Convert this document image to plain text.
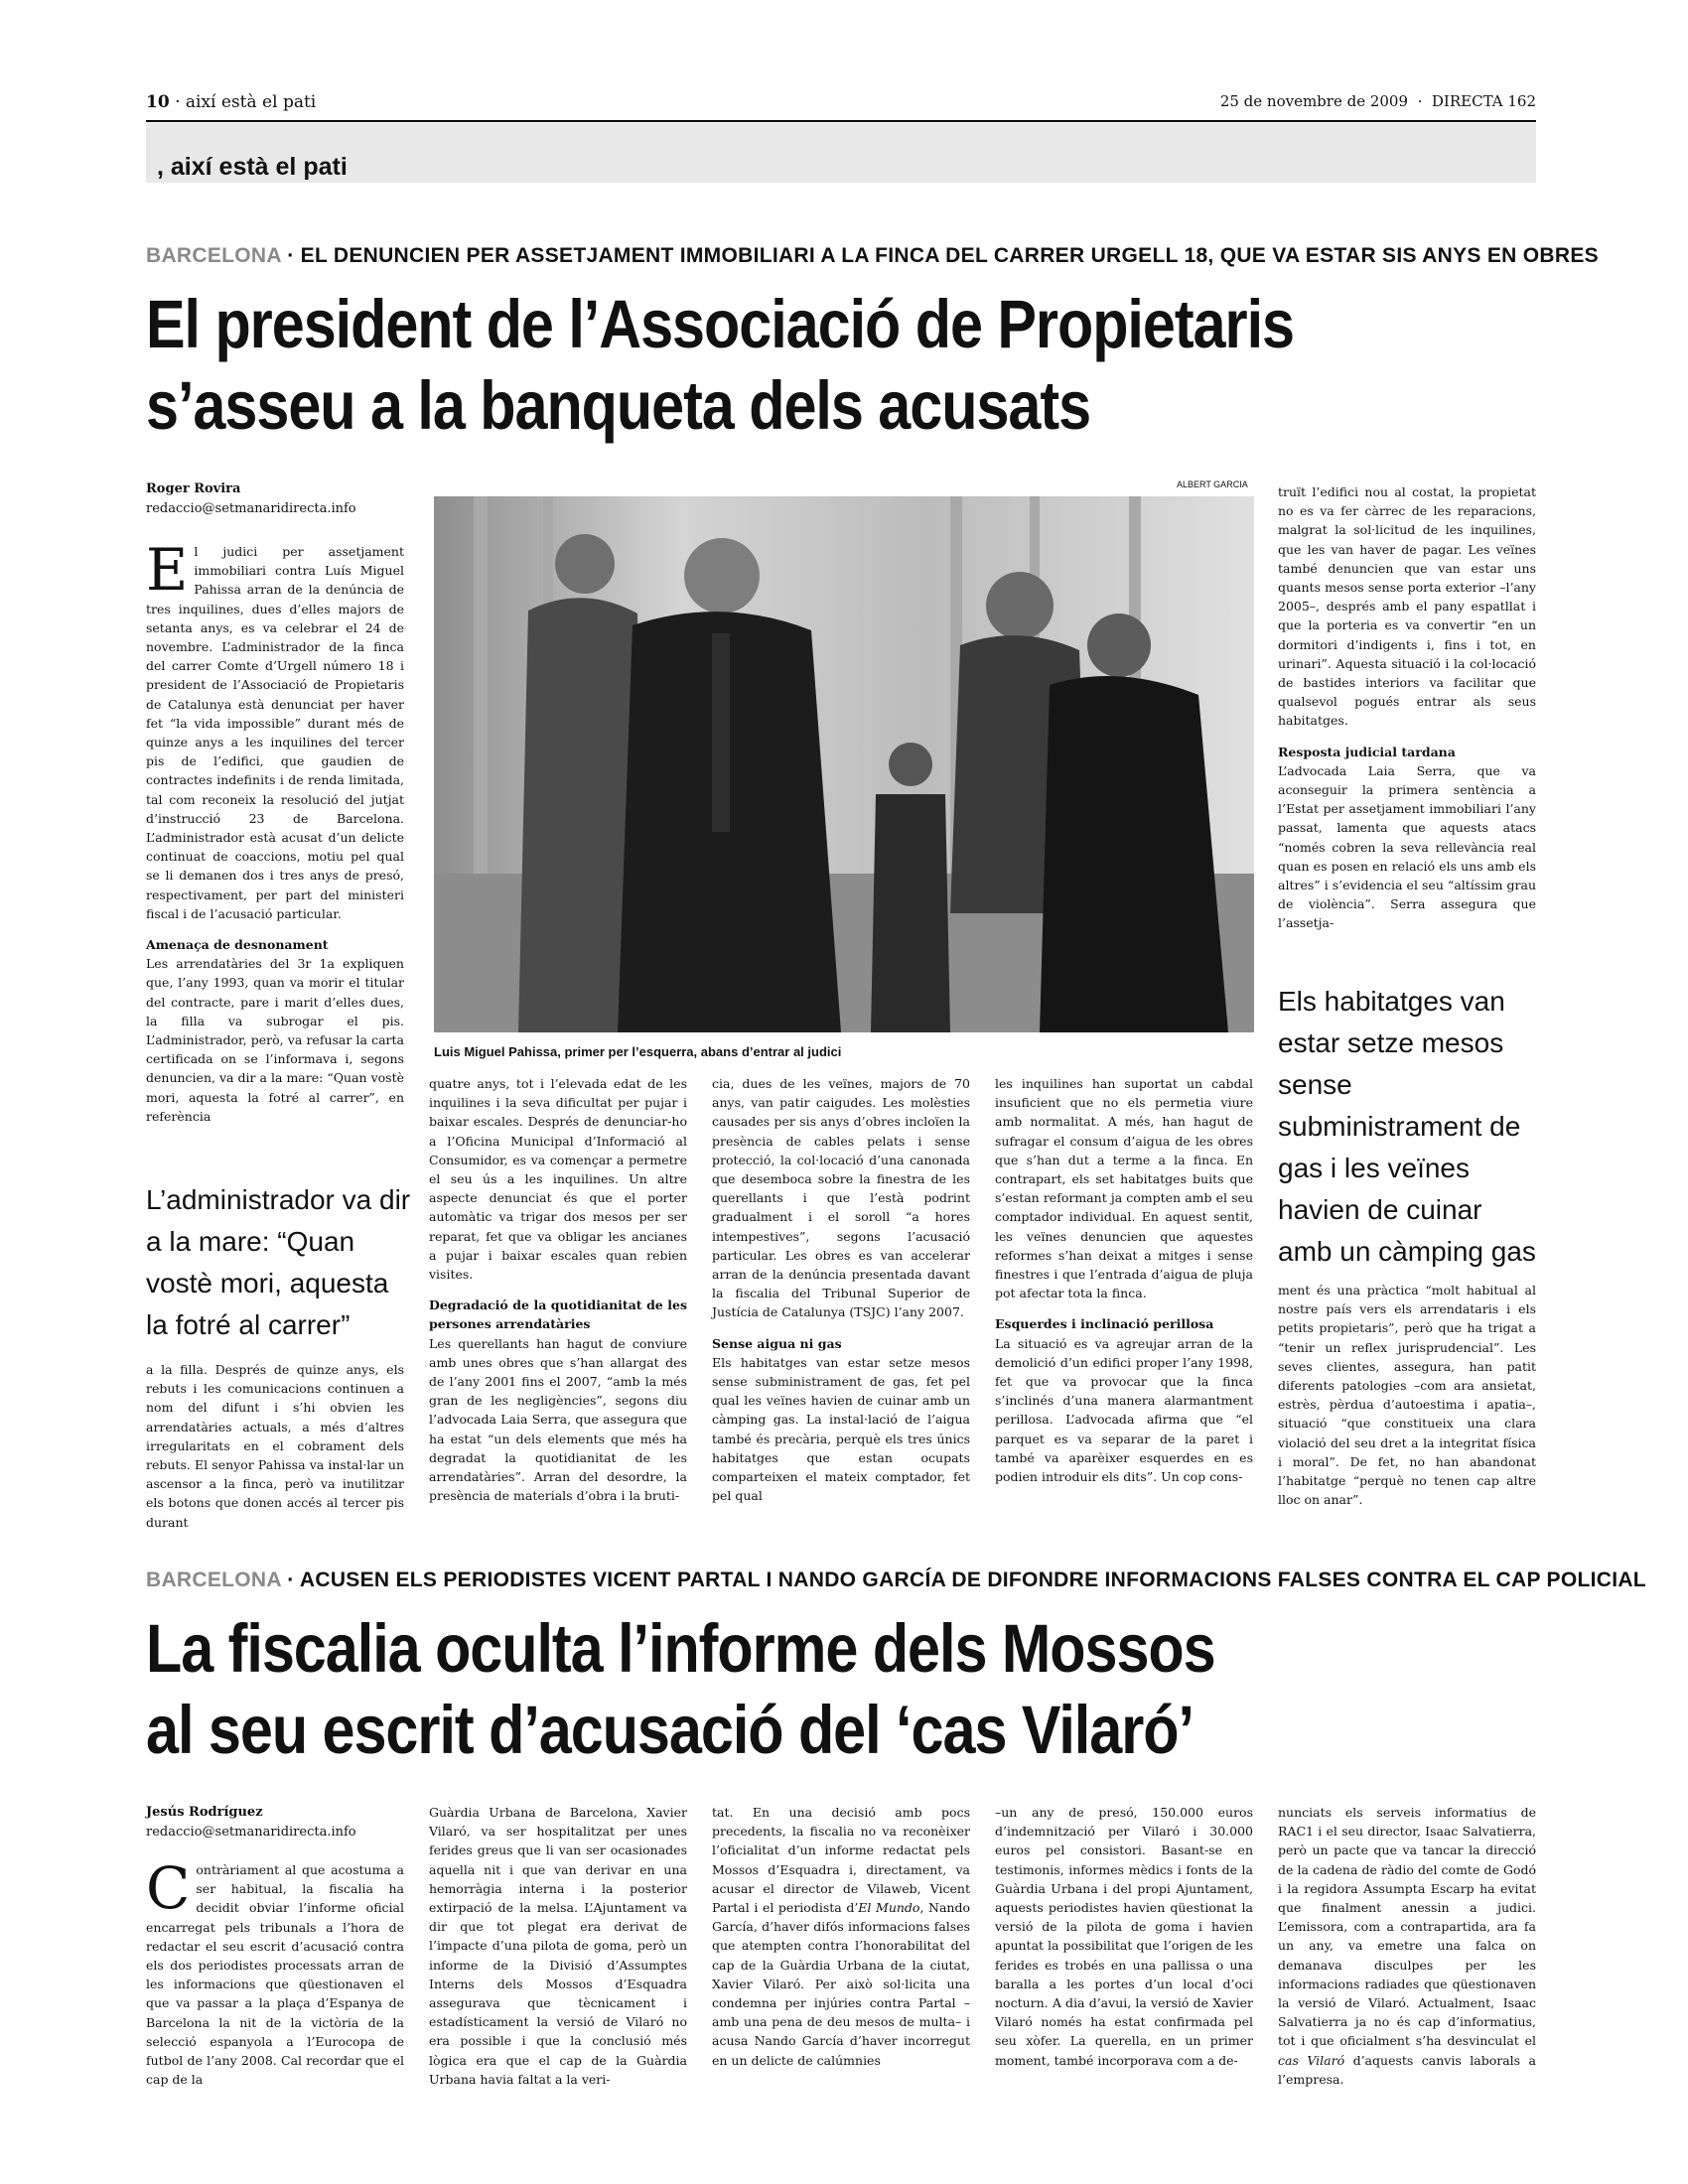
10 · així està el pati	25 de novembre de 2009 · DIRECTA 162
, així està el pati
BARCELONA · EL DENUNCIEN PER ASSETJAMENT IMMOBILIARI A LA FINCA DEL CARRER URGELL 18, QUE VA ESTAR SIS ANYS EN OBRES
El president de l’Associació de Propietaris
s’asseu a la banqueta dels acusats
Roger Rovira
redaccio@setmanaridirecta.info

El judici per assetjament immobiliari contra Luís Miguel Pahissa arran de la denúncia de tres inquilines, dues d’elles majors de setanta anys, es va celebrar el 24 de novembre. L’administrador de la finca del carrer Comte d’Urgell número 18 i president de l’Associació de Propietaris de Catalunya està denunciat per haver fet “la vida impossible” durant més de quinze anys a les inquilines del tercer pis de l’edifici, que gaudien de contractes indefinits i de renda limitada, tal com reconeix la resolució del jutjat d’instrucció 23 de Barcelona. L’administrador està acusat d’un delicte continuat de coaccions, motiu pel qual se li demanen dos i tres anys de presó, respectivament, per part del ministeri fiscal i de l’acusació particular.

Amenaça de desnonament

Les arrendatàries del 3r 1a expliquen que, l’any 1993, quan va morir el titular del contracte, pare i marit d’elles dues, la filla va subrogar el pis. L’administrador, però, va refusar la carta certificada on se l’informava i, segons denuncien, va dir a la mare: “Quan vostè mori, aquesta la fotré al carrer”, en referència

L’administrador va dir a la mare: “Quan vostè mori, aquesta la fotré al carrer”

a la filla. Després de quinze anys, els rebuts i les comunicacions continuen a nom del difunt i s’hi obvien les arrendatàries actuals, a més d’altres irregularitats en el cobrament dels rebuts. El senyor Pahissa va instal·lar un ascensor a la finca, però va inutilitzar els botons que donen accés al tercer pis durant

ALBERT GARCIA
Luis Miguel Pahissa, primer per l’esquerra, abans d’entrar al judici

quatre anys, tot i l’elevada edat de les inquilines i la seva dificultat per pujar i baixar escales. Després de denunciar-ho a l’Oficina Municipal d’Informació al Consumidor, es va començar a permetre el seu ús a les inquilines. Un altre aspecte denunciat és que el porter automàtic va trigar dos mesos per ser reparat, fet que va obligar les ancianes a pujar i baixar escales quan rebien visites.

Degradació de la quotidianitat de les persones arrendatàries

Les querellants han hagut de conviure amb unes obres que s’han allargat des de l’any 2001 fins el 2007, “amb la més gran de les negligències”, segons diu l’advocada Laia Serra, que assegura que ha estat “un dels elements que més ha degradat la quotidianitat de les arrendatàries”. Arran del desordre, la presència de materials d’obra i la bruti-

cia, dues de les veïnes, majors de 70 anys, van patir caigudes. Les molèsties causades per sis anys d’obres incloïen la presència de cables pelats i sense protecció, la col·locació d’una canonada que desemboca sobre la finestra de les querellants i que l’està podrint gradualment i el soroll “a hores intempestives”, segons l’acusació particular. Les obres es van accelerar arran de la denúncia presentada davant la fiscalia del Tribunal Superior de Justícia de Catalunya (TSJC) l’any 2007.

Sense aigua ni gas

Els habitatges van estar setze mesos sense subministrament de gas, fet pel qual les veïnes havien de cuinar amb un càmping gas. La instal·lació de l’aigua també és precària, perquè els tres únics habitatges que estan ocupats comparteixen el mateix comptador, fet pel qual

les inquilines han suportat un cabdal insuficient que no els permetia viure amb normalitat. A més, han hagut de sufragar el consum d’aigua de les obres que s’han dut a terme a la finca. En contrapart, els set habitatges buits que s’estan reformant ja compten amb el seu comptador individual. En aquest sentit, les veïnes denuncien que aquestes reformes s’han deixat a mitges i sense finestres i que l’entrada d’aigua de pluja pot afectar tota la finca.

Esquerdes i inclinació perillosa

La situació es va agreujar arran de la demolició d’un edifici proper l’any 1998, fet que va provocar que la finca s’inclinés d’una manera alarmantment perillosa. L’advocada afirma que “el parquet es va separar de la paret i també va aparèixer esquerdes en es podien introduir els dits”. Un cop cons-

truït l’edifici nou al costat, la propietat no es va fer càrrec de les reparacions, malgrat la sol·licitud de les inquilines, que les van haver de pagar. Les veïnes també denuncien que van estar uns quants mesos sense porta exterior –l’any 2005–, després amb el pany espatllat i que la porteria es va convertir “en un dormitori d’indigents i, fins i tot, en urinari”. Aquesta situació i la col·locació de bastides interiors va facilitar que qualsevol pogués entrar als seus habitatges.

Resposta judicial tardana

L’advocada Laia Serra, que va aconseguir la primera sentència a l’Estat per assetjament immobiliari l’any passat, lamenta que aquests atacs “només cobren la seva rellevància real quan es posen en relació els uns amb els altres” i s’evidencia el seu “altíssim grau de violència”. Serra assegura que l’assetja-

Els habitatges van estar setze mesos sense subministrament de gas i les veïnes havien de cuinar amb un càmping gas

ment és una pràctica “molt habitual al nostre país vers els arrendataris i els petits propietaris”, però que ha trigat a “tenir un reflex jurisprudencial”. Les seves clientes, assegura, han patit diferents patologies –com ara ansietat, estrès, pèrdua d’autoestima i apatia–, situació “que constitueix una clara violació del seu dret a la integritat física i moral”. De fet, no han abandonat l’habitatge “perquè no tenen cap altre lloc on anar”.

BARCELONA · ACUSEN ELS PERIODISTES VICENT PARTAL I NANDO GARCÍA DE DIFONDRE INFORMACIONS FALSES CONTRA EL CAP POLICIAL
La fiscalia oculta l’informe dels Mossos
al seu escrit d’acusació del ‘cas Vilaró’
Jesús Rodríguez
redaccio@setmanaridirecta.info

Contràriament al que acostuma a ser habitual, la fiscalia ha decidit obviar l’informe oficial encarregat pels tribunals a l’hora de redactar el seu escrit d’acusació contra els dos periodistes processats arran de les informacions que qüestionaven el que va passar a la plaça d’Espanya de Barcelona la nit de la victòria de la selecció espanyola a l’Eurocopa de futbol de l’any 2008. Cal recordar que el cap de la

Guàrdia Urbana de Barcelona, Xavier Vilaró, va ser hospitalitzat per unes ferides greus que li van ser ocasionades aquella nit i que van derivar en una hemorràgia interna i la posterior extirpació de la melsa. L’Ajuntament va dir que tot plegat era derivat de l’impacte d’una pilota de goma, però un informe de la Divisió d’Assumptes Interns dels Mossos d’Esquadra assegurava que tècnicament i estadísticament la versió de Vilaró no era possible i que la conclusió més lògica era que el cap de la Guàrdia Urbana havia faltat a la veri-

tat. En una decisió amb pocs precedents, la fiscalia no va reconèixer l’oficialitat d’un informe redactat pels Mossos d’Esquadra i, directament, va acusar el director de Vilaweb, Vicent Partal i el periodista d’El Mundo, Nando García, d’haver difós informacions falses que atempten contra l’honorabilitat del cap de la Guàrdia Urbana de la ciutat, Xavier Vilaró. Per això sol·licita una condemna per injúries contra Partal –amb una pena de deu mesos de multa– i acusa Nando García d’haver incorregut en un delicte de calúmnies

–un any de presó, 150.000 euros d’indemnització per Vilaró i 30.000 euros pel consistori. Basant-se en testimonis, informes mèdics i fonts de la Guàrdia Urbana i del propi Ajuntament, aquests periodistes havien qüestionat la versió de la pilota de goma i havien apuntat la possibilitat que l’origen de les ferides es trobés en una pallissa o una baralla a les portes d’un local d’oci nocturn. A dia d’avui, la versió de Xavier Vilaró només ha estat confirmada pel seu xòfer. La querella, en un primer moment, també incorporava com a de-

nunciats els serveis informatius de RAC1 i el seu director, Isaac Salvatierra, però un pacte que va tancar la direcció de la cadena de ràdio del comte de Godó i la regidora Assumpta Escarp ha evitat que finalment anessin a judici. L’emissora, com a contrapartida, ara fa un any, va emetre una falca on demanava disculpes per les informacions radiades que qüestionaven la versió de Vilaró. Actualment, Isaac Salvatierra ja no és cap d’informatius, tot i que oficialment s’ha desvinculat el cas Vilaró d’aquests canvis laborals a l’empresa.
